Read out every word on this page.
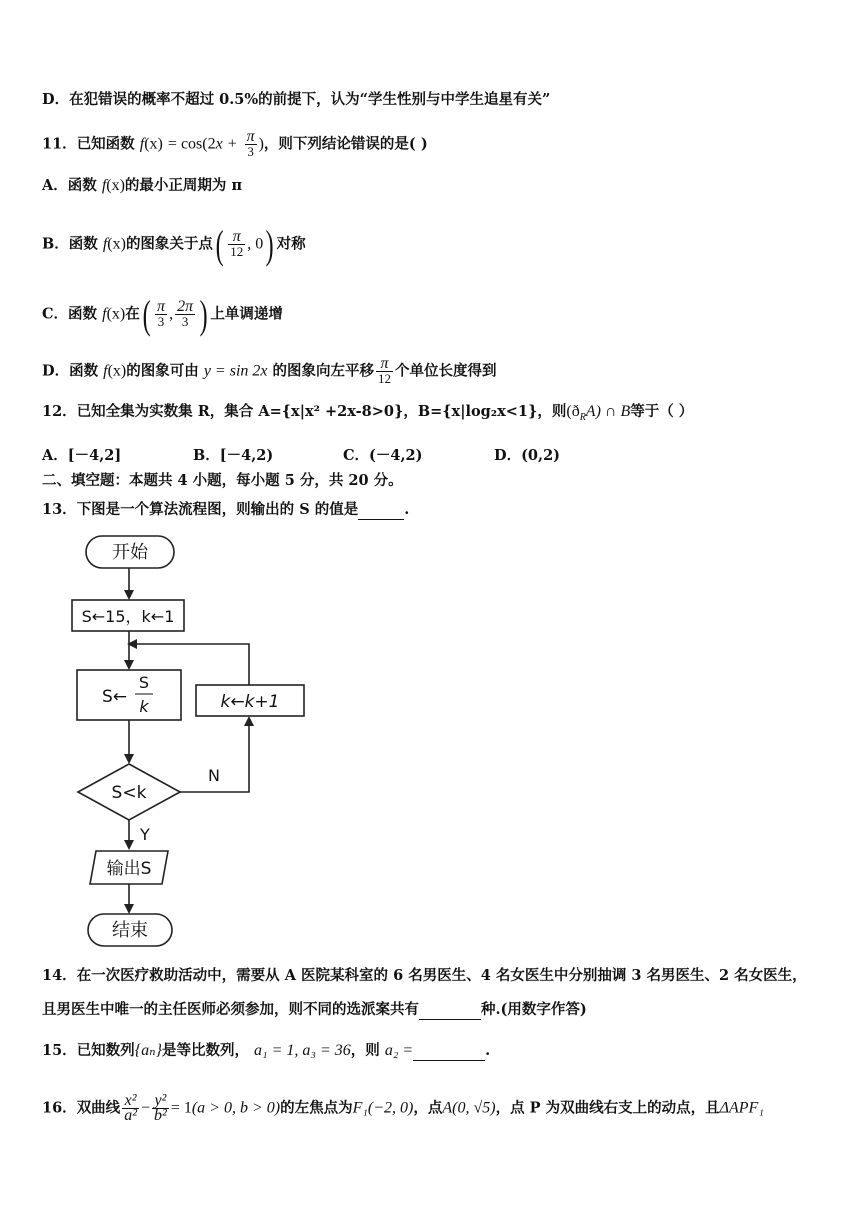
D．在犯错误的概率不超过 0.5%的前提下，认为“学生性别与中学生追星有关”
11．已知函数 $f(x) = \cos(2x + \frac{\pi}{3}$ )，则下列结论错误的是( )
A．函数 f(x)的最小正周期为 π
B．函数 f(x)的图象关于点( $\frac{\pi}{12}$ , 0) 对称
C．函数 f(x)在( $\frac{\pi}{3}$ , $\frac{2\pi}{3}$ ) 上单调递增
D．函数 f(x)的图象可由 y = sin 2x 的图象向左平移 $\frac{\pi}{12}$ 个单位长度得到
12．已知全集为实数集 R，集合 A={x|x² +2x-8>0}，B={x|log₂x<1}，则$(ð_RA)$ ∩ B等于（ ）
A．[－4,2]	B．[－4,2)	C．(－4,2)	D．(0,2)
二、填空题：本题共 4 小题，每小题 5 分，共 20 分。
13．下图是一个算法流程图，则输出的 S 的值是	.
开始
S←15，k←1
S←
S
k	k←k+1
S<k
N
Y
输出S
结束
14．在一次医疗救助活动中，需要从 A 医院某科室的 6 名男医生、4 名女医生中分别抽调 3 名男医生、2 名女医生，
且男医生中唯一的主任医师必须参加，则不同的选派案共有	种.(用数字作答)
15．已知数列{aₙ}是等比数列， a₁ = 1, a₃ = 36，则 a₂ =	.
16．双曲线 $\frac{\text{x²}}{\text{a²}} - \frac{\text{y²}}{\text{b²}} = 1(a > 0$, b > 0)的左焦点为F₁(−2, 0)，点A(0, √5)，点 P 为双曲线右支上的动点，且ΔAPF₁
